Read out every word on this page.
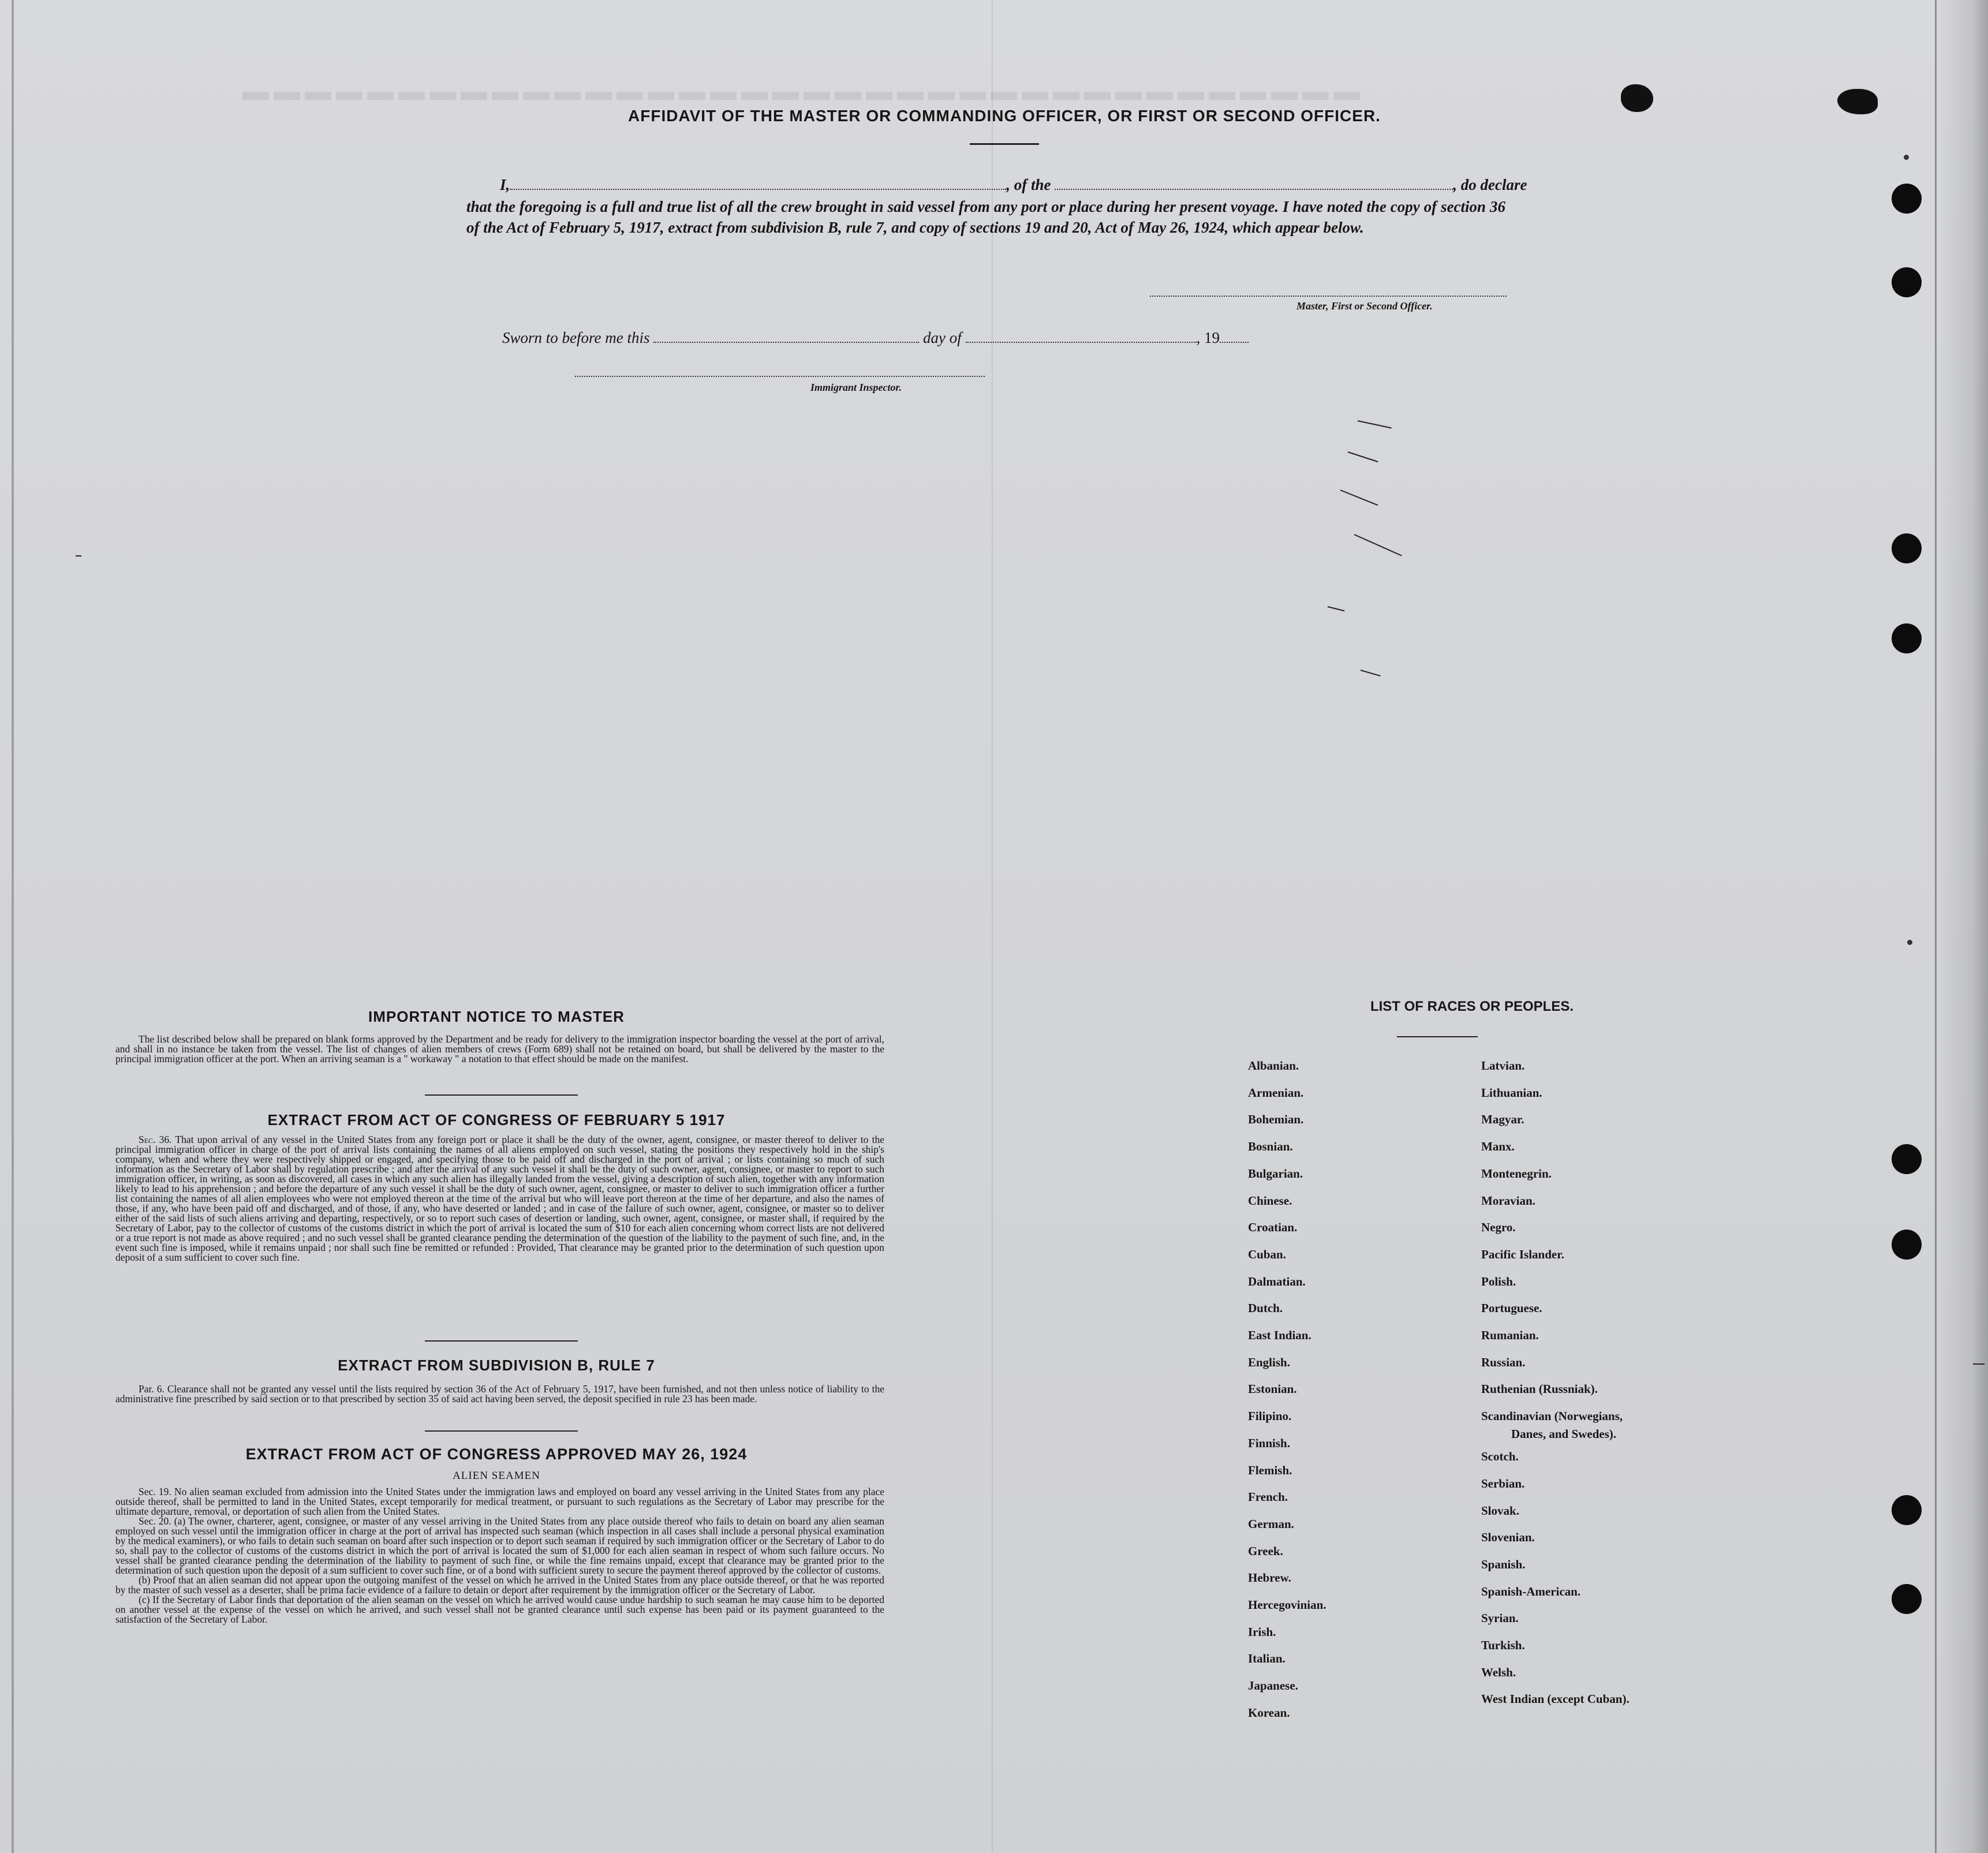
▬▬▬▬▬▬▬▬▬▬▬▬▬▬▬▬▬▬▬▬▬▬▬▬▬▬▬▬▬▬▬▬▬▬▬▬
AFFIDAVIT OF THE MASTER OR COMMANDING OFFICER, OR FIRST OR SECOND OFFICER.
I,	, of the	, do declare
that the foregoing is a full and true list of all the crew brought in said vessel from any port or place during her present voyage. I have noted the copy of section 36 of the Act of February 5, 1917, extract from subdivision B, rule 7, and copy of sections 19 and 20, Act of May 26, 1924, which appear below.
Master, First or Second Officer.
Sworn to before me this	day of	, 19
Immigrant Inspector.
IMPORTANT NOTICE TO MASTER

The list described below shall be prepared on blank forms approved by the Department and be ready for delivery to the immigration inspector boarding the vessel at the port of arrival, and shall in no instance be taken from the vessel. The list of changes of alien members of crews (Form 689) shall not be retained on board, but shall be delivered by the master to the principal immigration officer at the port. When an arriving seaman is a " workaway " a notation to that effect should be made on the manifest.

EXTRACT FROM ACT OF CONGRESS OF FEBRUARY 5 1917

Sec. 36. That upon arrival of any vessel in the United States from any foreign port or place it shall be the duty of the owner, agent, consignee, or master thereof to deliver to the principal immigration officer in charge of the port of arrival lists containing the names of all aliens employed on such vessel, stating the positions they respectively hold in the ship's company, when and where they were respectively shipped or engaged, and specifying those to be paid off and discharged in the port of arrival ; or lists containing so much of such information as the Secretary of Labor shall by regulation prescribe ; and after the arrival of any such vessel it shall be the duty of such owner, agent, consignee, or master to report to such immigration officer, in writing, as soon as discovered, all cases in which any such alien has illegally landed from the vessel, giving a description of such alien, together with any information likely to lead to his apprehension ; and before the departure of any such vessel it shall be the duty of such owner, agent, consignee, or master to deliver to such immigration officer a further list containing the names of all alien employees who were not employed thereon at the time of the arrival but who will leave port thereon at the time of her departure, and also the names of those, if any, who have been paid off and discharged, and of those, if any, who have deserted or landed ; and in case of the failure of such owner, agent, consignee, or master so to deliver either of the said lists of such aliens arriving and departing, respectively, or so to report such cases of desertion or landing, such owner, agent, consignee, or master shall, if required by the Secretary of Labor, pay to the collector of customs of the customs district in which the port of arrival is located the sum of $10 for each alien concerning whom correct lists are not delivered or a true report is not made as above required ; and no such vessel shall be granted clearance pending the determination of the question of the liability to the payment of such fine, and, in the event such fine is imposed, while it remains unpaid ; nor shall such fine be remitted or refunded : Provided, That clearance may be granted prior to the determination of such question upon deposit of a sum sufficient to cover such fine.

EXTRACT FROM SUBDIVISION B, RULE 7

Par. 6. Clearance shall not be granted any vessel until the lists required by section 36 of the Act of February 5, 1917, have been furnished, and not then unless notice of liability to the administrative fine prescribed by said section or to that prescribed by section 35 of said act having been served, the deposit specified in rule 23 has been made.

EXTRACT FROM ACT OF CONGRESS APPROVED MAY 26, 1924
ALIEN SEAMEN

Sec. 19. No alien seaman excluded from admission into the United States under the immigration laws and employed on board any vessel arriving in the United States from any place outside thereof, shall be permitted to land in the United States, except temporarily for medical treatment, or pursuant to such regulations as the Secretary of Labor may prescribe for the ultimate departure, removal, or deportation of such alien from the United States.

Sec. 20. (a) The owner, charterer, agent, consignee, or master of any vessel arriving in the United States from any place outside thereof who fails to detain on board any alien seaman employed on such vessel until the immigration officer in charge at the port of arrival has inspected such seaman (which inspection in all cases shall include a personal physical examination by the medical examiners), or who fails to detain such seaman on board after such inspection or to deport such seaman if required by such immigration officer or the Secretary of Labor to do so, shall pay to the collector of customs of the customs district in which the port of arrival is located the sum of $1,000 for each alien seaman in respect of whom such failure occurs. No vessel shall be granted clearance pending the determination of the liability to payment of such fine, or while the fine remains unpaid, except that clearance may be granted prior to the determination of such question upon the deposit of a sum sufficient to cover such fine, or of a bond with sufficient surety to secure the payment thereof approved by the collector of customs.

(b) Proof that an alien seaman did not appear upon the outgoing manifest of the vessel on which he arrived in the United States from any place outside thereof, or that he was reported by the master of such vessel as a deserter, shall be prima facie evidence of a failure to detain or deport after requirement by the immigration officer or the Secretary of Labor.

(c) If the Secretary of Labor finds that deportation of the alien seaman on the vessel on which he arrived would cause undue hardship to such seaman he may cause him to be deported on another vessel at the expense of the vessel on which he arrived, and such vessel shall not be granted clearance until such expense has been paid or its payment guaranteed to the satisfaction of the Secretary of Labor.

LIST OF RACES OR PEOPLES.
Albanian.
Armenian.
Bohemian.
Bosnian.
Bulgarian.
Chinese.
Croatian.
Cuban.
Dalmatian.
Dutch.
East Indian.
English.
Estonian.
Filipino.
Finnish.
Flemish.
French.
German.
Greek.
Hebrew.
Hercegovinian.
Irish.
Italian.
Japanese.
Korean.
Danes, and Swedes).
Latvian.
Lithuanian.
Magyar.
Manx.
Montenegrin.
Moravian.
Negro.
Pacific Islander.
Polish.
Portuguese.
Rumanian.
Russian.
Ruthenian (Russniak).
Scandinavian (Norwegians,
Scotch.
Serbian.
Slovak.
Slovenian.
Spanish.
Spanish-American.
Syrian.
Turkish.
Welsh.
West Indian (except Cuban).
